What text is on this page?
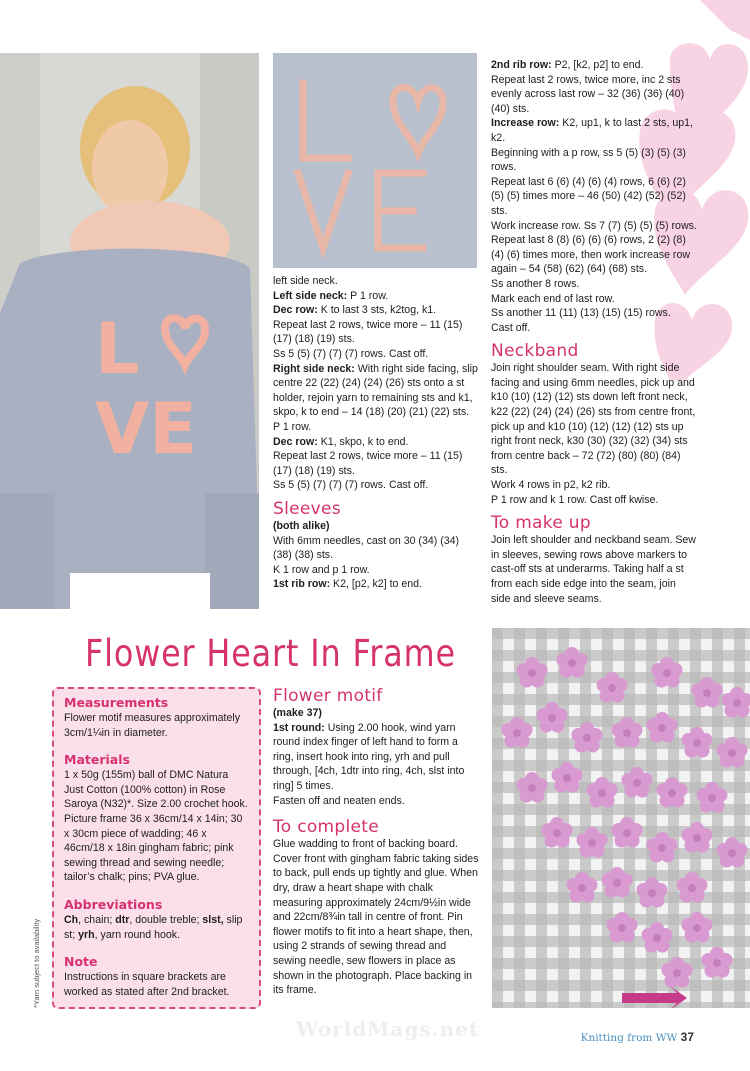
L
VE

left side neck.

Left side neck: P 1 row.

Dec row: K to last 3 sts, k2tog, k1.

Repeat last 2 rows, twice more – 11 (15) (17) (18) (19) sts.

Ss 5 (5) (7) (7) (7) rows. Cast off.

Right side neck: With right side facing, slip centre 22 (22) (24) (24) (26) sts onto a st holder, rejoin yarn to remaining sts and k1, skpo, k to end – 14 (18) (20) (21) (22) sts.

P 1 row.

Dec row: K1, skpo, k to end.

Repeat last 2 rows, twice more – 11 (15) (17) (18) (19) sts.

Ss 5 (5) (7) (7) (7) rows. Cast off.

Sleeves

(both alike)

With 6mm needles, cast on 30 (34) (34) (38) (38) sts.

K 1 row and p 1 row.

1st rib row: K2, [p2, k2] to end.

2nd rib row: P2, [k2, p2] to end.

Repeat last 2 rows, twice more, inc 2 sts evenly across last row – 32 (36) (36) (40) (40) sts.

Increase row: K2, up1, k to last 2 sts, up1, k2.

Beginning with a p row, ss 5 (5) (3) (5) (3) rows.

Repeat last 6 (6) (4) (6) (4) rows, 6 (6) (2) (5) (5) times more – 46 (50) (42) (52) (52) sts.

Work increase row. Ss 7 (7) (5) (5) (5) rows.

Repeat last 8 (8) (6) (6) (6) rows, 2 (2) (8) (4) (6) times more, then work increase row again – 54 (58) (62) (64) (68) sts.

Ss another 8 rows.

Mark each end of last row.

Ss another 11 (11) (13) (15) (15) rows.

Cast off.

Neckband

Join right shoulder seam. With right side facing and using 6mm needles, pick up and k10 (10) (12) (12) sts down left front neck, k22 (22) (24) (24) (26) sts from centre front, pick up and k10 (10) (12) (12) (12) sts up right front neck, k30 (30) (32) (32) (34) sts from centre back – 72 (72) (80) (80) (84) sts.

Work 4 rows in p2, k2 rib.

P 1 row and k 1 row. Cast off kwise.

To make up

Join left shoulder and neckband seam. Sew in sleeves, sewing rows above markers to cast-off sts at underarms. Taking half a st from each side edge into the seam, join side and sleeve seams.

Flower Heart In Frame
Measurements

Flower motif measures approximately 3cm/1¼in in diameter.

Materials

1 x 50g (155m) ball of DMC Natura Just Cotton (100% cotton) in Rose Saroya (N32)*. Size 2.00 crochet hook. Picture frame 36 x 36cm/14 x 14in; 30 x 30cm piece of wadding; 46 x 46cm/18 x 18in gingham fabric; pink sewing thread and sewing needle; tailor’s chalk; pins; PVA glue.

Abbreviations

Ch, chain; dtr, double treble; slst, slip st; yrh, yarn round hook.

Note

Instructions in square brackets are worked as stated after 2nd bracket.

*Yarn subject to availability
Flower motif

(make 37)

1st round: Using 2.00 hook, wind yarn round index finger of left hand to form a ring, insert hook into ring, yrh and pull through, [4ch, 1dtr into ring, 4ch, slst into ring] 5 times.

Fasten off and neaten ends.

To complete

Glue wadding to front of backing board. Cover front with gingham fabric taking sides to back, pull ends up tightly and glue. When dry, draw a heart shape with chalk measuring approximately 24cm/9½in wide and 22cm/8¾in tall in centre of front. Pin flower motifs to fit into a heart shape, then, using 2 strands of sewing thread and sewing needle, sew flowers in place as shown in the photograph. Place backing in its frame.

WorldMags.net	Knitting from WW 37
